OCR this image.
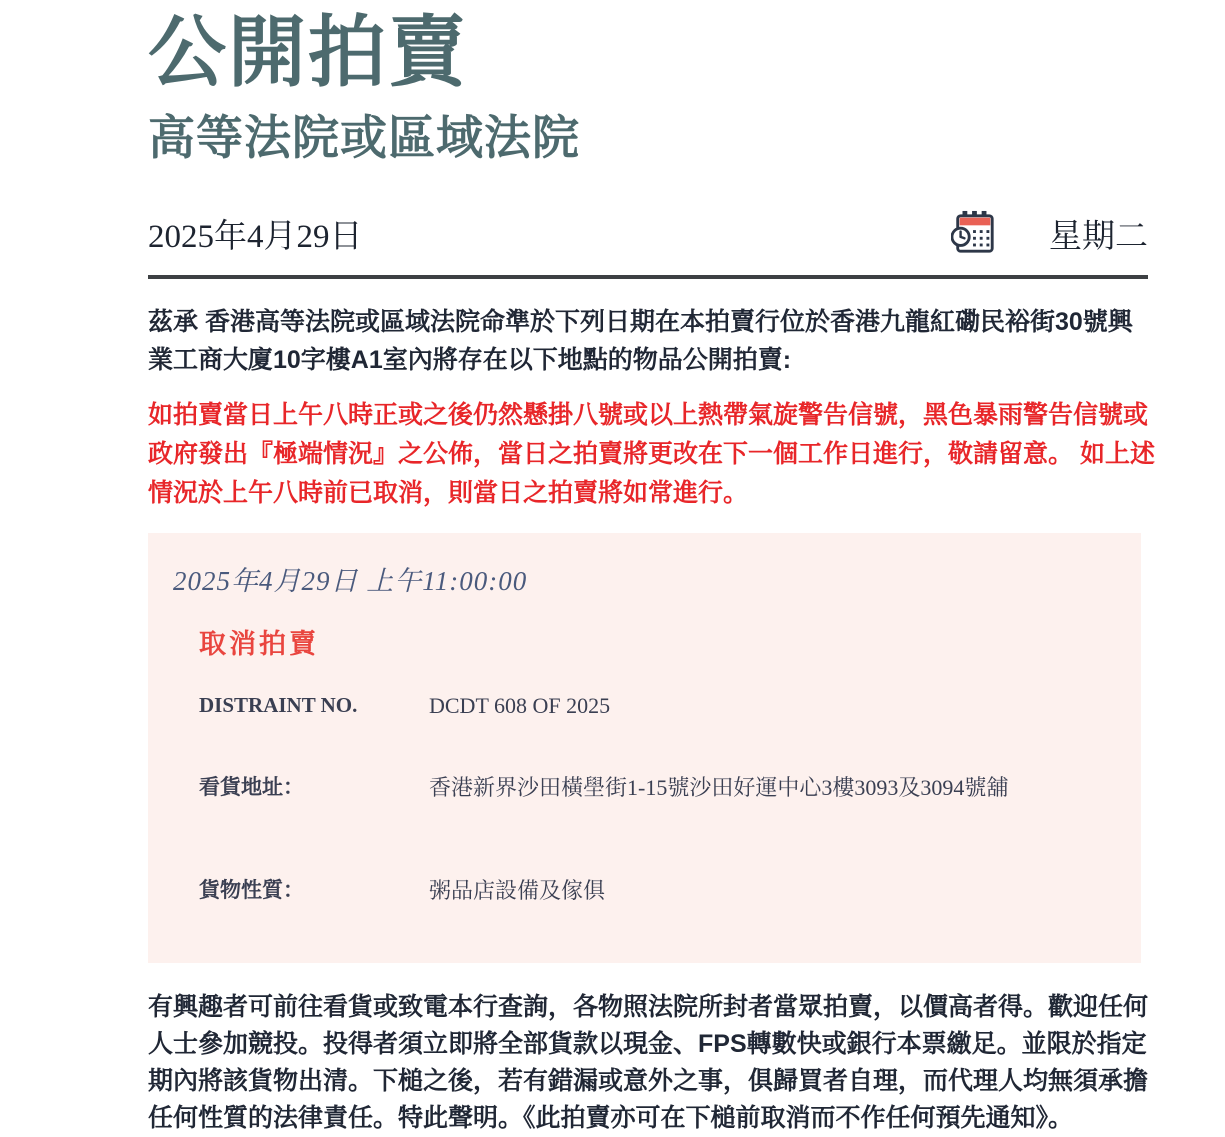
公開拍賣
高等法院或區域法院
2025年4月29日	星期二

茲承 香港高等法院或區域法院命準於下列日期在本拍賣行位於香港九龍紅磡民裕街30號興 業工商大廈10字樓A1室內將存在以下地點的物品公開拍賣:

如拍賣當日上午八時正或之後仍然懸掛八號或以上熱帶氣旋警告信號，黑色暴雨警告信號或政府發出『極端情況』之公佈，當日之拍賣將更改在下一個工作日進行，敬請留意。 如上述情況於上午八時前已取消，則當日之拍賣將如常進行。

2025年4月29日 上午11:00:00
取消拍賣
DISTRAINT NO.	DCDT 608 OF 2025
看貨地址：	香港新界沙田橫壆街1-15號沙田好運中心3樓3093及3094號舖
貨物性質：	粥品店設備及傢俱

有興趣者可前往看貨或致電本行查詢，各物照法院所封者當眾拍賣，以價高者得。歡迎任何人士參加競投。投得者須立即將全部貨款以現金、FPS轉數快或銀行本票繳足。並限於指定期內將該貨物出清。下槌之後，若有錯漏或意外之事，俱歸買者自理，而代理人均無須承擔任何性質的法律責任。特此聲明。《此拍賣亦可在下槌前取消而不作任何預先通知》。
